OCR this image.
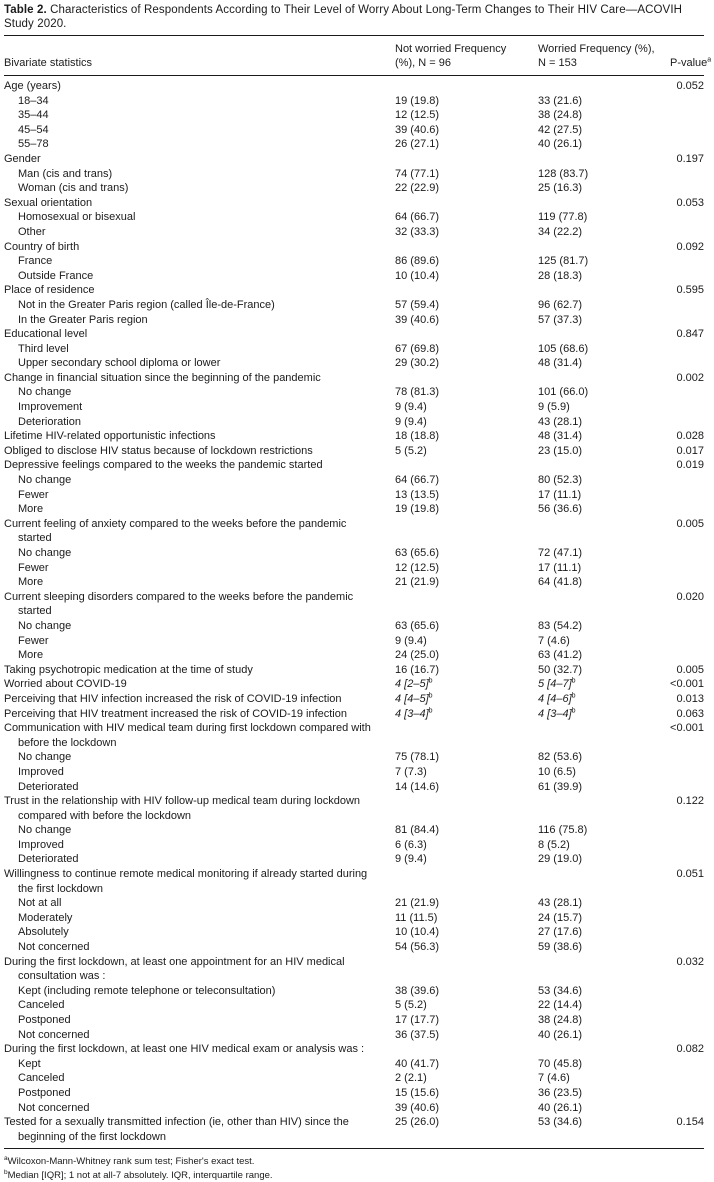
Table 2. Characteristics of Respondents According to Their Level of Worry About Long-Term Changes to Their HIV Care—ACOVIH Study 2020.
Bivariate statistics	Not worried Frequency
(%), N = 96	Worried Frequency (%),
N = 153	P-value$^a$

Age (years)			0.052

18–34	19 (19.8)	33 (21.6)	

35–44	12 (12.5)	38 (24.8)	

45–54	39 (40.6)	42 (27.5)	

55–78	26 (27.1)	40 (26.1)	

Gender			0.197

Man (cis and trans)	74 (77.1)	128 (83.7)	

Woman (cis and trans)	22 (22.9)	25 (16.3)	

Sexual orientation			0.053

Homosexual or bisexual	64 (66.7)	119 (77.8)	

Other	32 (33.3)	34 (22.2)	

Country of birth			0.092

France	86 (89.6)	125 (81.7)	

Outside France	10 (10.4)	28 (18.3)	

Place of residence			0.595

Not in the Greater Paris region (called Île-de-France)	57 (59.4)	96 (62.7)	

In the Greater Paris region	39 (40.6)	57 (37.3)	

Educational level			0.847

Third level	67 (69.8)	105 (68.6)	

Upper secondary school diploma or lower	29 (30.2)	48 (31.4)	

Change in financial situation since the beginning of the pandemic			0.002

No change	78 (81.3)	101 (66.0)	

Improvement	9 (9.4)	9 (5.9)	

Deterioration	9 (9.4)	43 (28.1)	

Lifetime HIV-related opportunistic infections	18 (18.8)	48 (31.4)	0.028

Obliged to disclose HIV status because of lockdown restrictions	5 (5.2)	23 (15.0)	0.017

Depressive feelings compared to the weeks the pandemic started			0.019

No change	64 (66.7)	80 (52.3)	

Fewer	13 (13.5)	17 (11.1)	

More	19 (19.8)	56 (36.6)	

Current feeling of anxiety compared to the weeks before the pandemic
started			0.005

No change	63 (65.6)	72 (47.1)	

Fewer	12 (12.5)	17 (11.1)	

More	21 (21.9)	64 (41.8)	

Current sleeping disorders compared to the weeks before the pandemic
started			0.020

No change	63 (65.6)	83 (54.2)	

Fewer	9 (9.4)	7 (4.6)	

More	24 (25.0)	63 (41.2)	

Taking psychotropic medication at the time of study	16 (16.7)	50 (32.7)	0.005

Worried about COVID-19	4 $[2-5]^b$	5 $[4-7]^b$	<0.001

Perceiving that HIV infection increased the risk of COVID-19 infection	4 $[4-5]^b$	4 $[4-6]^b$	0.013

Perceiving that HIV treatment increased the risk of COVID-19 infection	4 $[3-4]^b$	4 $[3-4]^b$	0.063

Communication with HIV medical team during first lockdown compared with
before the lockdown			<0.001

No change	75 (78.1)	82 (53.6)	

Improved	7 (7.3)	10 (6.5)	

Deteriorated	14 (14.6)	61 (39.9)	

Trust in the relationship with HIV follow-up medical team during lockdown
compared with before the lockdown			0.122

No change	81 (84.4)	116 (75.8)	

Improved	6 (6.3)	8 (5.2)	

Deteriorated	9 (9.4)	29 (19.0)	

Willingness to continue remote medical monitoring if already started during
the first lockdown			0.051

Not at all	21 (21.9)	43 (28.1)	

Moderately	11 (11.5)	24 (15.7)	

Absolutely	10 (10.4)	27 (17.6)	

Not concerned	54 (56.3)	59 (38.6)	

During the first lockdown, at least one appointment for an HIV medical
consultation was :			0.032

Kept (including remote telephone or teleconsultation)	38 (39.6)	53 (34.6)	

Canceled	5 (5.2)	22 (14.4)	

Postponed	17 (17.7)	38 (24.8)	

Not concerned	36 (37.5)	40 (26.1)	

During the first lockdown, at least one HIV medical exam or analysis was :			0.082

Kept	40 (41.7)	70 (45.8)	

Canceled	2 (2.1)	7 (4.6)	

Postponed	15 (15.6)	36 (23.5)	

Not concerned	39 (40.6)	40 (26.1)	

Tested for a sexually transmitted infection (ie, other than HIV) since the
beginning of the first lockdown	25 (26.0)	53 (34.6)	0.154
$^a$Wilcoxon-Mann-Whitney rank sum test; Fisher's exact test.
$^b$Median [IQR]; 1 not at all-7 absolutely. IQR, interquartile range.
